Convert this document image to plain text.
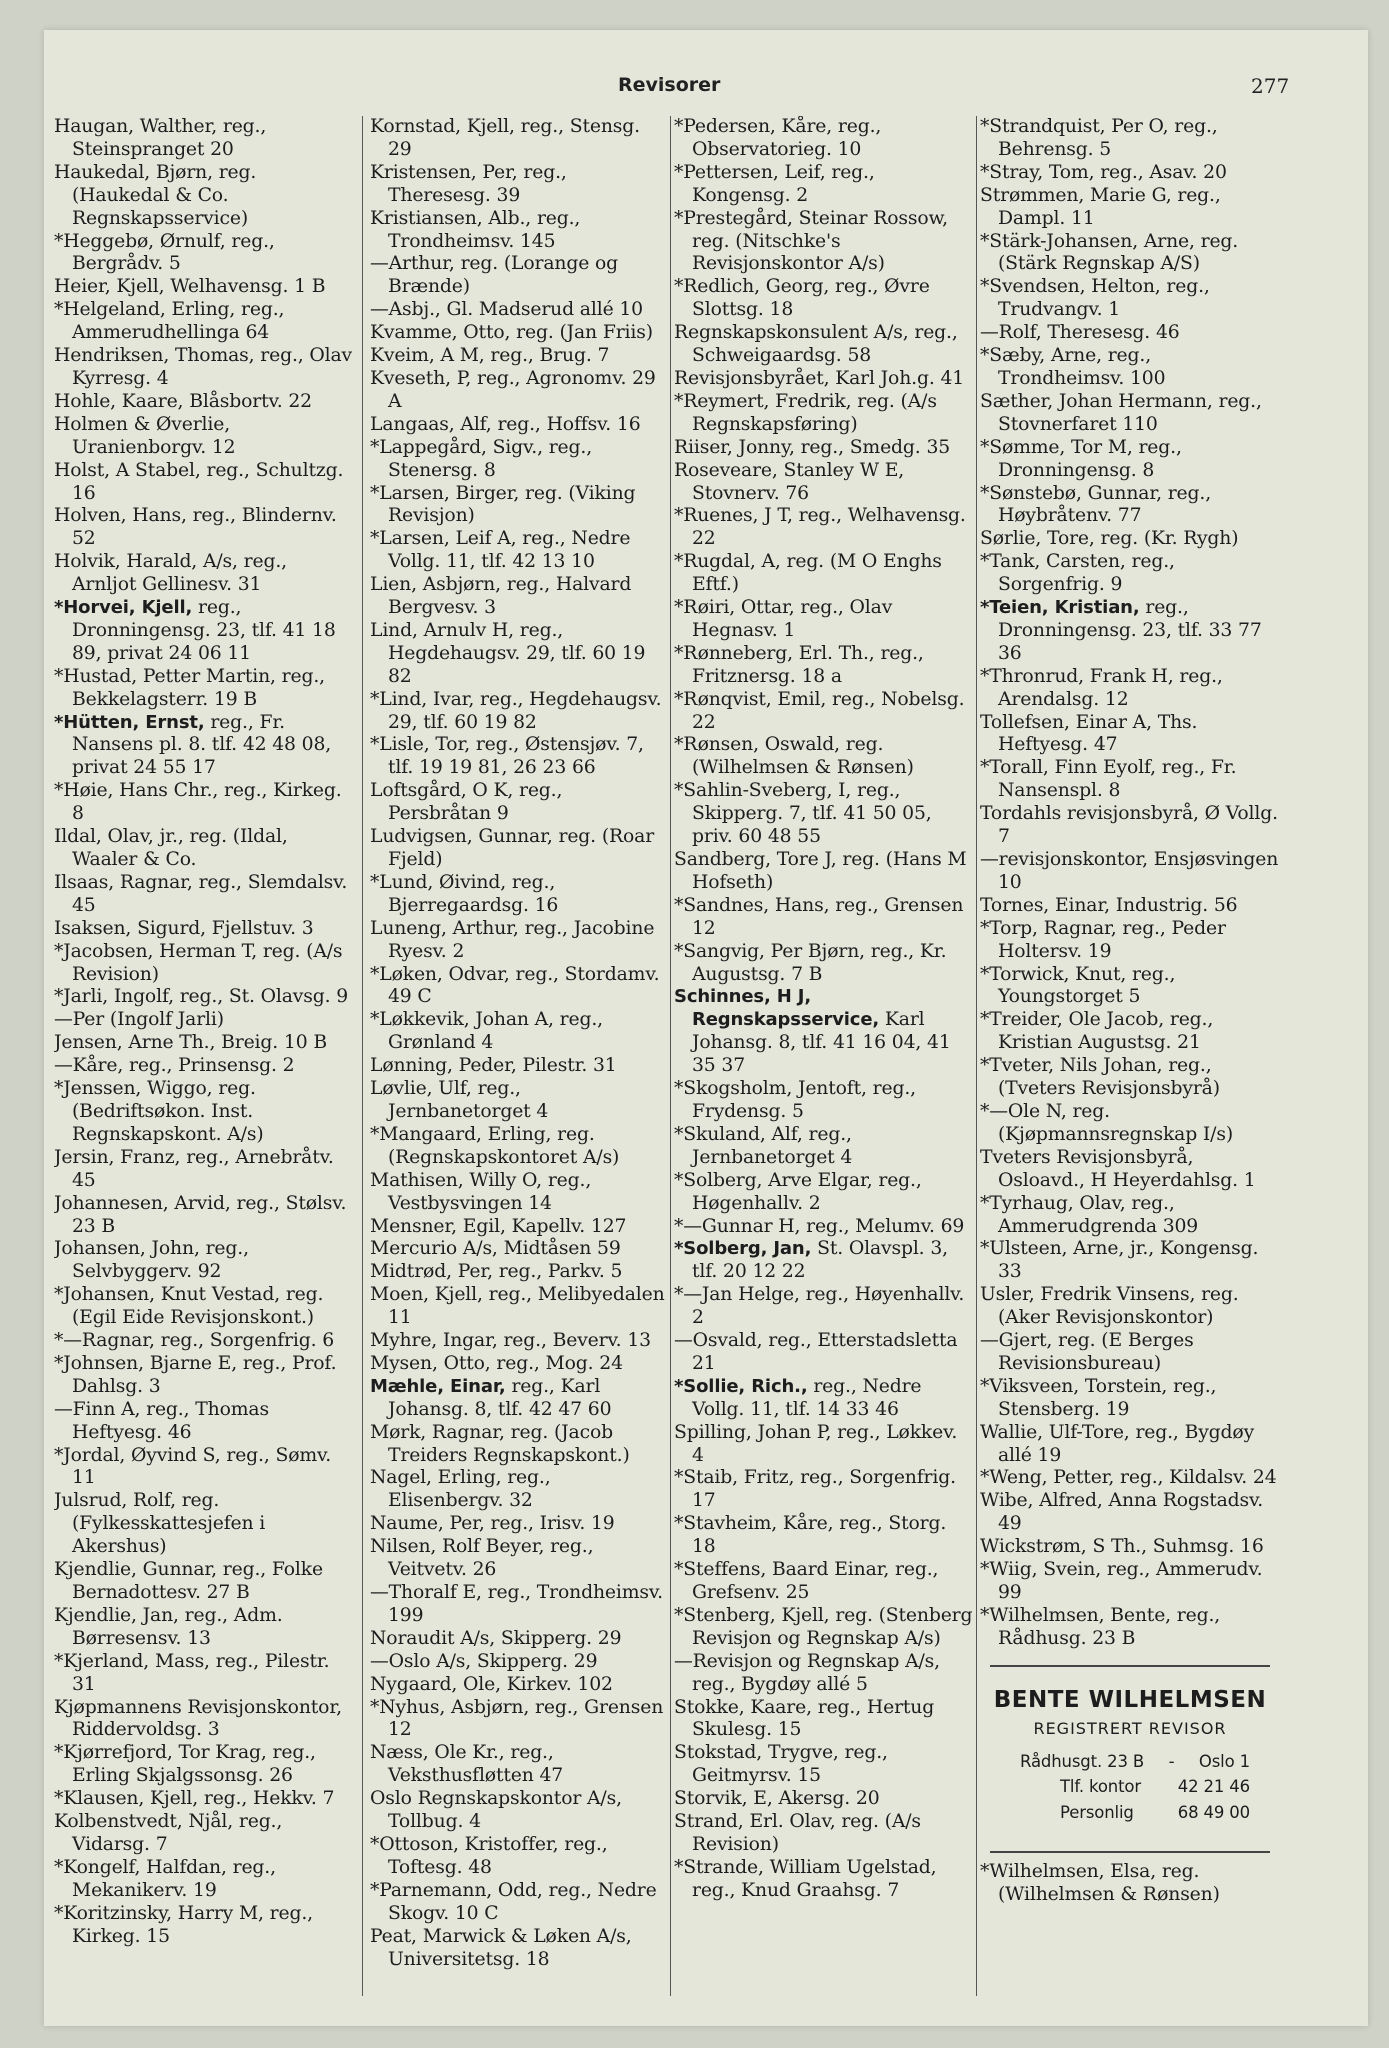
Revisorer	277

Haugan, Walther, reg., Steinspranget 20

Haukedal, Bjørn, reg. (Haukedal & Co. Regnskapsservice)

*Heggebø, Ørnulf, reg., Bergrådv. 5

Heier, Kjell, Welhavensg. 1 B

*Helgeland, Erling, reg., Ammerudhellinga 64

Hendriksen, Thomas, reg., Olav Kyrresg. 4

Hohle, Kaare, Blåsbortv. 22

Holmen & Øverlie, Uranienborgv. 12

Holst, A Stabel, reg., Schultzg. 16

Holven, Hans, reg., Blindernv. 52

Holvik, Harald, A/s, reg., Arnljot Gellinesv. 31

*Horvei, Kjell, reg., Dronningensg. 23, tlf. 41 18 89, privat 24 06 11

*Hustad, Petter Martin, reg., Bekkelagsterr. 19 B

*Hütten, Ernst, reg., Fr. Nansens pl. 8. tlf. 42 48 08, privat 24 55 17

*Høie, Hans Chr., reg., Kirkeg. 8

Ildal, Olav, jr., reg. (Ildal, Waaler & Co.

Ilsaas, Ragnar, reg., Slemdalsv. 45

Isaksen, Sigurd, Fjellstuv. 3

*Jacobsen, Herman T, reg. (A/s Revision)

*Jarli, Ingolf, reg., St. Olavsg. 9

—Per (Ingolf Jarli)

Jensen, Arne Th., Breig. 10 B

—Kåre, reg., Prinsensg. 2

*Jenssen, Wiggo, reg. (Bedriftsøkon. Inst. Regnskapskont. A/s)

Jersin, Franz, reg., Arnebråtv. 45

Johannesen, Arvid, reg., Stølsv. 23 B

Johansen, John, reg., Selvbyggerv. 92

*Johansen, Knut Vestad, reg. (Egil Eide Revisjonskont.)

*—Ragnar, reg., Sorgenfrig. 6

*Johnsen, Bjarne E, reg., Prof. Dahlsg. 3

—Finn A, reg., Thomas Heftyesg. 46

*Jordal, Øyvind S, reg., Sømv. 11

Julsrud, Rolf, reg. (Fylkesskattesjefen i Akershus)

Kjendlie, Gunnar, reg., Folke Bernadottesv. 27 B

Kjendlie, Jan, reg., Adm. Børresensv. 13

*Kjerland, Mass, reg., Pilestr. 31

Kjøpmannens Revisjonskontor, Riddervoldsg. 3

*Kjørrefjord, Tor Krag, reg., Erling Skjalgssonsg. 26

*Klausen, Kjell, reg., Hekkv. 7

Kolbenstvedt, Njål, reg., Vidarsg. 7

*Kongelf, Halfdan, reg., Mekanikerv. 19

*Koritzinsky, Harry M, reg., Kirkeg. 15

Kornstad, Kjell, reg., Stensg. 29

Kristensen, Per, reg., Theresesg. 39

Kristiansen, Alb., reg., Trondheimsv. 145

—Arthur, reg. (Lorange og Brænde)

—Asbj., Gl. Madserud allé 10

Kvamme, Otto, reg. (Jan Friis)

Kveim, A M, reg., Brug. 7

Kveseth, P, reg., Agronomv. 29 A

Langaas, Alf, reg., Hoffsv. 16

*Lappegård, Sigv., reg., Stenersg. 8

*Larsen, Birger, reg. (Viking Revisjon)

*Larsen, Leif A, reg., Nedre Vollg. 11, tlf. 42 13 10

Lien, Asbjørn, reg., Halvard Bergvesv. 3

Lind, Arnulv H, reg., Hegdehaugsv. 29, tlf. 60 19 82

*Lind, Ivar, reg., Hegdehaugsv. 29, tlf. 60 19 82

*Lisle, Tor, reg., Østensjøv. 7, tlf. 19 19 81, 26 23 66

Loftsgård, O K, reg., Persbråtan 9

Ludvigsen, Gunnar, reg. (Roar Fjeld)

*Lund, Øivind, reg., Bjerregaardsg. 16

Luneng, Arthur, reg., Jacobine Ryesv. 2

*Løken, Odvar, reg., Stordamv. 49 C

*Løkkevik, Johan A, reg., Grønland 4

Lønning, Peder, Pilestr. 31

Løvlie, Ulf, reg., Jernbanetorget 4

*Mangaard, Erling, reg. (Regnskapskontoret A/s)

Mathisen, Willy O, reg., Vestbysvingen 14

Mensner, Egil, Kapellv. 127

Mercurio A/s, Midtåsen 59

Midtrød, Per, reg., Parkv. 5

Moen, Kjell, reg., Melibyedalen 11

Myhre, Ingar, reg., Beverv. 13

Mysen, Otto, reg., Mog. 24

Mæhle, Einar, reg., Karl Johansg. 8, tlf. 42 47 60

Mørk, Ragnar, reg. (Jacob Treiders Regnskapskont.)

Nagel, Erling, reg., Elisenbergv. 32

Naume, Per, reg., Irisv. 19

Nilsen, Rolf Beyer, reg., Veitvetv. 26

—Thoralf E, reg., Trondheimsv. 199

Noraudit A/s, Skipperg. 29

—Oslo A/s, Skipperg. 29

Nygaard, Ole, Kirkev. 102

*Nyhus, Asbjørn, reg., Grensen 12

Næss, Ole Kr., reg., Veksthusfløtten 47

Oslo Regnskapskontor A/s, Tollbug. 4

*Ottoson, Kristoffer, reg., Toftesg. 48

*Parnemann, Odd, reg., Nedre Skogv. 10 C

Peat, Marwick & Løken A/s, Universitetsg. 18

*Pedersen, Kåre, reg., Observatorieg. 10

*Pettersen, Leif, reg., Kongensg. 2

*Prestegård, Steinar Rossow, reg. (Nitschke's Revisjonskontor A/s)

*Redlich, Georg, reg., Øvre Slottsg. 18

Regnskapskonsulent A/s, reg., Schweigaardsg. 58

Revisjonsbyrået, Karl Joh.g. 41

*Reymert, Fredrik, reg. (A/s Regnskapsføring)

Riiser, Jonny, reg., Smedg. 35

Roseveare, Stanley W E, Stovnerv. 76

*Ruenes, J T, reg., Welhavensg. 22

*Rugdal, A, reg. (M O Enghs Eftf.)

*Røiri, Ottar, reg., Olav Hegnasv. 1

*Rønneberg, Erl. Th., reg., Fritznersg. 18 a

*Rønqvist, Emil, reg., Nobelsg. 22

*Rønsen, Oswald, reg. (Wilhelmsen & Rønsen)

*Sahlin-Sveberg, I, reg., Skipperg. 7, tlf. 41 50 05, priv. 60 48 55

Sandberg, Tore J, reg. (Hans M Hofseth)

*Sandnes, Hans, reg., Grensen 12

*Sangvig, Per Bjørn, reg., Kr. Augustsg. 7 B

Schinnes, H J, Regnskapsservice, Karl Johansg. 8, tlf. 41 16 04, 41 35 37

*Skogsholm, Jentoft, reg., Frydensg. 5

*Skuland, Alf, reg., Jernbanetorget 4

*Solberg, Arve Elgar, reg., Høgenhallv. 2

*—Gunnar H, reg., Melumv. 69

*Solberg, Jan, St. Olavspl. 3, tlf. 20 12 22

*—Jan Helge, reg., Høyenhallv. 2

—Osvald, reg., Etterstadsletta 21

*Sollie, Rich., reg., Nedre Vollg. 11, tlf. 14 33 46

Spilling, Johan P, reg., Løkkev. 4

*Staib, Fritz, reg., Sorgenfrig. 17

*Stavheim, Kåre, reg., Storg. 18

*Steffens, Baard Einar, reg., Grefsenv. 25

*Stenberg, Kjell, reg. (Stenberg Revisjon og Regnskap A/s)

—Revisjon og Regnskap A/s, reg., Bygdøy allé 5

Stokke, Kaare, reg., Hertug Skulesg. 15

Stokstad, Trygve, reg., Geitmyrsv. 15

Storvik, E, Akersg. 20

Strand, Erl. Olav, reg. (A/s Revision)

*Strande, William Ugelstad, reg., Knud Graahsg. 7

*Strandquist, Per O, reg., Behrensg. 5

*Stray, Tom, reg., Asav. 20

Strømmen, Marie G, reg., Dampl. 11

*Stärk-Johansen, Arne, reg. (Stärk Regnskap A/S)

*Svendsen, Helton, reg., Trudvangv. 1

—Rolf, Theresesg. 46

*Sæby, Arne, reg., Trondheimsv. 100

Sæther, Johan Hermann, reg., Stovnerfaret 110

*Sømme, Tor M, reg., Dronningensg. 8

*Sønstebø, Gunnar, reg., Høybråtenv. 77

Sørlie, Tore, reg. (Kr. Rygh)

*Tank, Carsten, reg., Sorgenfrig. 9

*Teien, Kristian, reg., Dronningensg. 23, tlf. 33 77 36

*Thronrud, Frank H, reg., Arendalsg. 12

Tollefsen, Einar A, Ths. Heftyesg. 47

*Torall, Finn Eyolf, reg., Fr. Nansenspl. 8

Tordahls revisjonsbyrå, Ø Vollg. 7

—revisjonskontor, Ensjøsvingen 10

Tornes, Einar, Industrig. 56

*Torp, Ragnar, reg., Peder Holtersv. 19

*Torwick, Knut, reg., Youngstorget 5

*Treider, Ole Jacob, reg., Kristian Augustsg. 21

*Tveter, Nils Johan, reg., (Tveters Revisjonsbyrå)

*—Ole N, reg. (Kjøpmannsregnskap I/s)

Tveters Revisjonsbyrå, Osloavd., H Heyerdahlsg. 1

*Tyrhaug, Olav, reg., Ammerudgrenda 309

*Ulsteen, Arne, jr., Kongensg. 33

Usler, Fredrik Vinsens, reg. (Aker Revisjonskontor)

—Gjert, reg. (E Berges Revisionsbureau)

*Viksveen, Torstein, reg., Stensberg. 19

Wallie, Ulf-Tore, reg., Bygdøy allé 19

*Weng, Petter, reg., Kildalsv. 24

Wibe, Alfred, Anna Rogstadsv. 49

Wickstrøm, S Th., Suhmsg. 16

*Wiig, Svein, reg., Ammerudv. 99

*Wilhelmsen, Bente, reg., Rådhusg. 23 B

BENTE WILHELMSEN
REGISTRERT REVISOR
Rådhusgt. 23 B - Oslo 1
Tlf. kontor 42 21 46
Personlig	68 49 00

*Wilhelmsen, Elsa, reg. (Wilhelmsen & Rønsen)
